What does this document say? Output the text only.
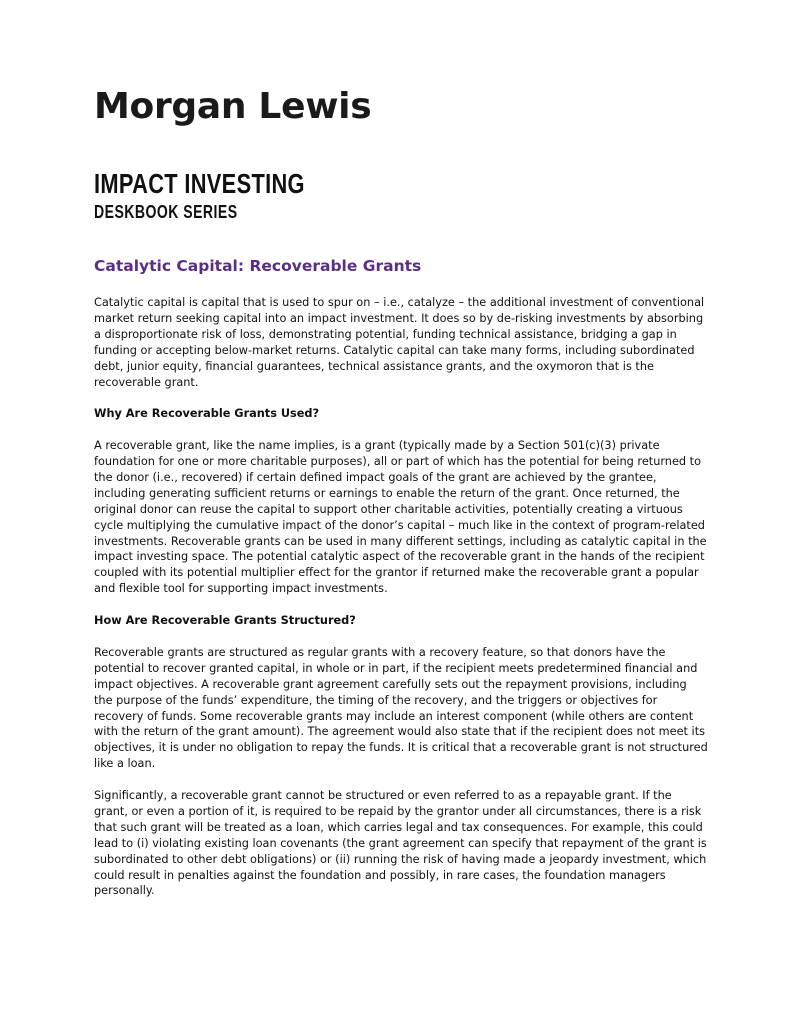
Morgan Lewis
IMPACT INVESTING
DESKBOOK SERIES
Catalytic Capital: Recoverable Grants

Catalytic capital is capital that is used to spur on – i.e., catalyze – the additional investment of conventional market return seeking capital into an impact investment. It does so by de-risking investments by absorbing a disproportionate risk of loss, demonstrating potential, funding technical assistance, bridging a gap in funding or accepting below-market returns. Catalytic capital can take many forms, including subordinated debt, junior equity, financial guarantees, technical assistance grants, and the oxymoron that is the recoverable grant.

Why Are Recoverable Grants Used?

A recoverable grant, like the name implies, is a grant (typically made by a Section 501(c)(3) private foundation for one or more charitable purposes), all or part of which has the potential for being returned to the donor (i.e., recovered) if certain defined impact goals of the grant are achieved by the grantee, including generating sufficient returns or earnings to enable the return of the grant. Once returned, the original donor can reuse the capital to support other charitable activities, potentially creating a virtuous cycle multiplying the cumulative impact of the donor’s capital – much like in the context of program-related investments. Recoverable grants can be used in many different settings, including as catalytic capital in the impact investing space. The potential catalytic aspect of the recoverable grant in the hands of the recipient coupled with its potential multiplier effect for the grantor if returned make the recoverable grant a popular and flexible tool for supporting impact investments.

How Are Recoverable Grants Structured?

Recoverable grants are structured as regular grants with a recovery feature, so that donors have the potential to recover granted capital, in whole or in part, if the recipient meets predetermined financial and impact objectives. A recoverable grant agreement carefully sets out the repayment provisions, including the purpose of the funds’ expenditure, the timing of the recovery, and the triggers or objectives for recovery of funds. Some recoverable grants may include an interest component (while others are content with the return of the grant amount). The agreement would also state that if the recipient does not meet its objectives, it is under no obligation to repay the funds. It is critical that a recoverable grant is not structured like a loan.

Significantly, a recoverable grant cannot be structured or even referred to as a repayable grant. If the grant, or even a portion of it, is required to be repaid by the grantor under all circumstances, there is a risk that such grant will be treated as a loan, which carries legal and tax consequences. For example, this could lead to (i) violating existing loan covenants (the grant agreement can specify that repayment of the grant is subordinated to other debt obligations) or (ii) running the risk of having made a jeopardy investment, which could result in penalties against the foundation and possibly, in rare cases, the foundation managers personally.
